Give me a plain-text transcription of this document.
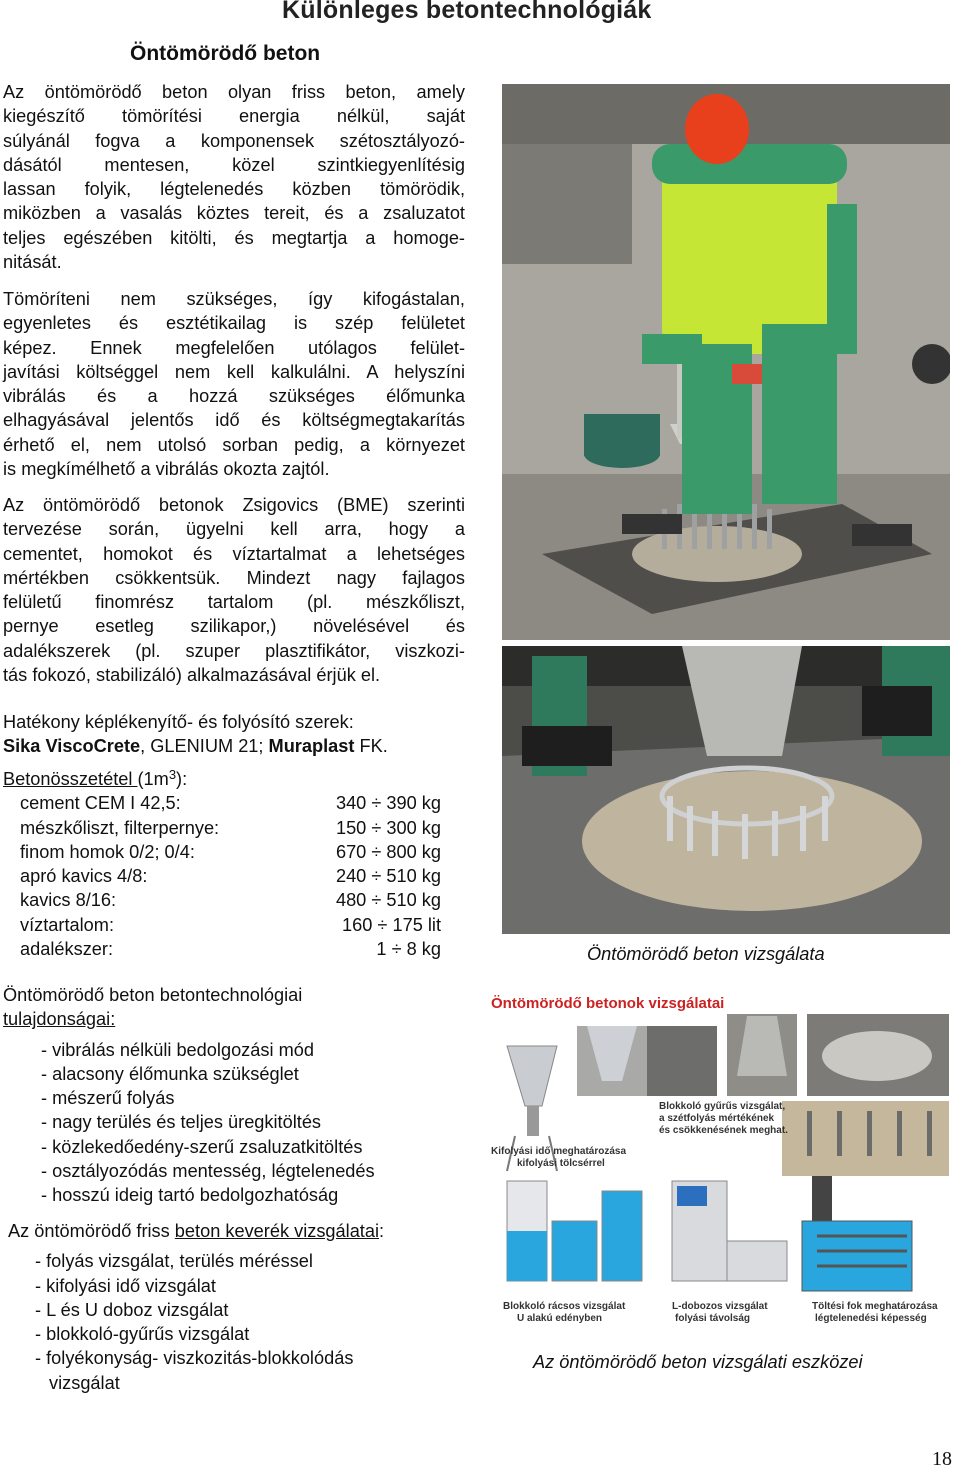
Különleges betontechnológiák
Öntömörödő beton
Az öntömörödő beton olyan friss beton, amely
kiegészítő tömörítési energia nélkül, saját
súlyánál fogva a komponensek szétosztályozó-
dásától mentesen, közel szintkiegyenlítésig
lassan folyik, légtelenedés közben tömörödik,
miközben a vasalás köztes tereit, és a zsaluzatot
teljes egészében kitölti, és megtartja a homoge-
nitását.
Tömöríteni nem szükséges, így kifogástalan,
egyenletes és esztétikailag is szép felületet
képez. Ennek megfelelően utólagos felület-
javítási költséggel nem kell kalkulálni. A helyszíni
vibrálás és a hozzá szükséges élőmunka
elhagyásával jelentős idő és költségmegtakarítás
érhető el, nem utolsó sorban pedig, a környezet
is megkímélhető a vibrálás okozta zajtól.
Az öntömörödő betonok Zsigovics (BME) szerinti
tervezése során, ügyelni kell arra, hogy a
cementet, homokot és víztartalmat a lehetséges
mértékben csökkentsük. Mindezt nagy fajlagos
felületű finomrész tartalom (pl. mészkőliszt,
pernye esetleg szilikapor,) növelésével és
adalékszerek (pl. szuper plasztifikátor, viszkozi-
tás fokozó, stabilizáló) alkalmazásával érjük el.
Hatékony képlékenyítő- és folyósító szerek:
Sika ViscoCrete, GLENIUM 21; Muraplast FK.
Betonösszetétel $(1m^3)$:
cement CEM I 42,5:	340 ÷ 390 kg
mészkőliszt, filterpernye:	150 ÷ 300 kg
finom homok 0/2; 0/4:	670 ÷ 800 kg
apró kavics 4/8:	240 ÷ 510 kg
kavics 8/16:	480 ÷ 510 kg
víztartalom:	160 ÷ 175 lit
adalékszer:	1 ÷ 8 kg
Öntömörödő beton betontechnológiai
tulajdonságai:
- vibrálás nélküli bedolgozási mód
- alacsony élőmunka szükséglet
- mészerű folyás
- nagy terülés és teljes üregkitöltés
- közlekedőedény-szerű zsaluzatkitöltés
- osztályozódás mentesség, légtelenedés
- hosszú ideig tartó bedolgozhatóság
Az öntömörödő friss beton keverék vizsgálatai:
- folyás vizsgálat, terülés méréssel
- kifolyási idő vizsgálat
- L és U doboz vizsgálat
- blokkoló-gyűrűs vizsgálat
- folyékonyság- viszkozitás-blokkolódás
vizsgálat
Öntömörödő beton vizsgálata
Öntömörödő betonok vizsgálatai
Kifolyási idő meghatározása kifolyási tölcsérrel
Blokkoló gyűrűs vizsgálat, a szétfolyás mértékének és csökkenésének meghat.
Blokkoló rácsos vizsgálat U alakú edényben
L-dobozos vizsgálat folyási távolság
Töltési fok meghatározása légtelenedési képesség
Az öntömörödő beton vizsgálati eszközei
18
